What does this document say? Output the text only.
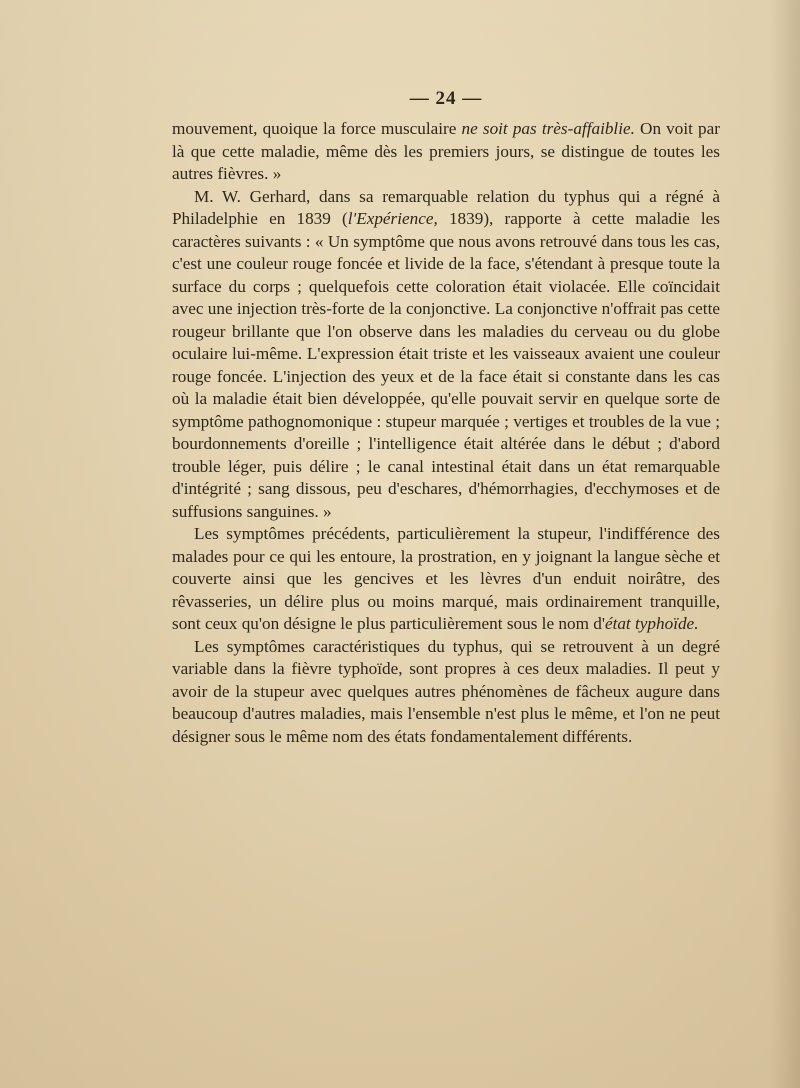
— 24 —

mouvement, quoique la force musculaire ne soit pas très-affaiblie. On voit par là que cette maladie, même dès les premiers jours, se distingue de toutes les autres fièvres. »

M. W. Gerhard, dans sa remarquable relation du typhus qui a régné à Philadelphie en 1839 (l'Expérience, 1839), rapporte à cette maladie les caractères suivants : « Un symptôme que nous avons retrouvé dans tous les cas, c'est une couleur rouge foncée et livide de la face, s'étendant à presque toute la surface du corps ; quelquefois cette coloration était violacée. Elle coïncidait avec une injection très-forte de la conjonctive. La conjonctive n'offrait pas cette rougeur brillante que l'on observe dans les maladies du cerveau ou du globe oculaire lui-même. L'expression était triste et les vaisseaux avaient une couleur rouge foncée. L'injection des yeux et de la face était si constante dans les cas où la maladie était bien développée, qu'elle pouvait servir en quelque sorte de symptôme pathognomonique : stupeur marquée ; vertiges et troubles de la vue ; bourdonnements d'oreille ; l'intelligence était altérée dans le début ; d'abord trouble léger, puis délire ; le canal intestinal était dans un état remarquable d'intégrité ; sang dissous, peu d'eschares, d'hémorrhagies, d'ecchymoses et de suffusions sanguines. »

Les symptômes précédents, particulièrement la stupeur, l'indifférence des malades pour ce qui les entoure, la prostration, en y joignant la langue sèche et couverte ainsi que les gencives et les lèvres d'un enduit noirâtre, des rêvasseries, un délire plus ou moins marqué, mais ordinairement tranquille, sont ceux qu'on désigne le plus particulièrement sous le nom d'état typhoïde.

Les symptômes caractéristiques du typhus, qui se retrouvent à un degré variable dans la fièvre typhoïde, sont propres à ces deux maladies. Il peut y avoir de la stupeur avec quelques autres phénomènes de fâcheux augure dans beaucoup d'autres maladies, mais l'ensemble n'est plus le même, et l'on ne peut désigner sous le même nom des états fondamentalement différents.
